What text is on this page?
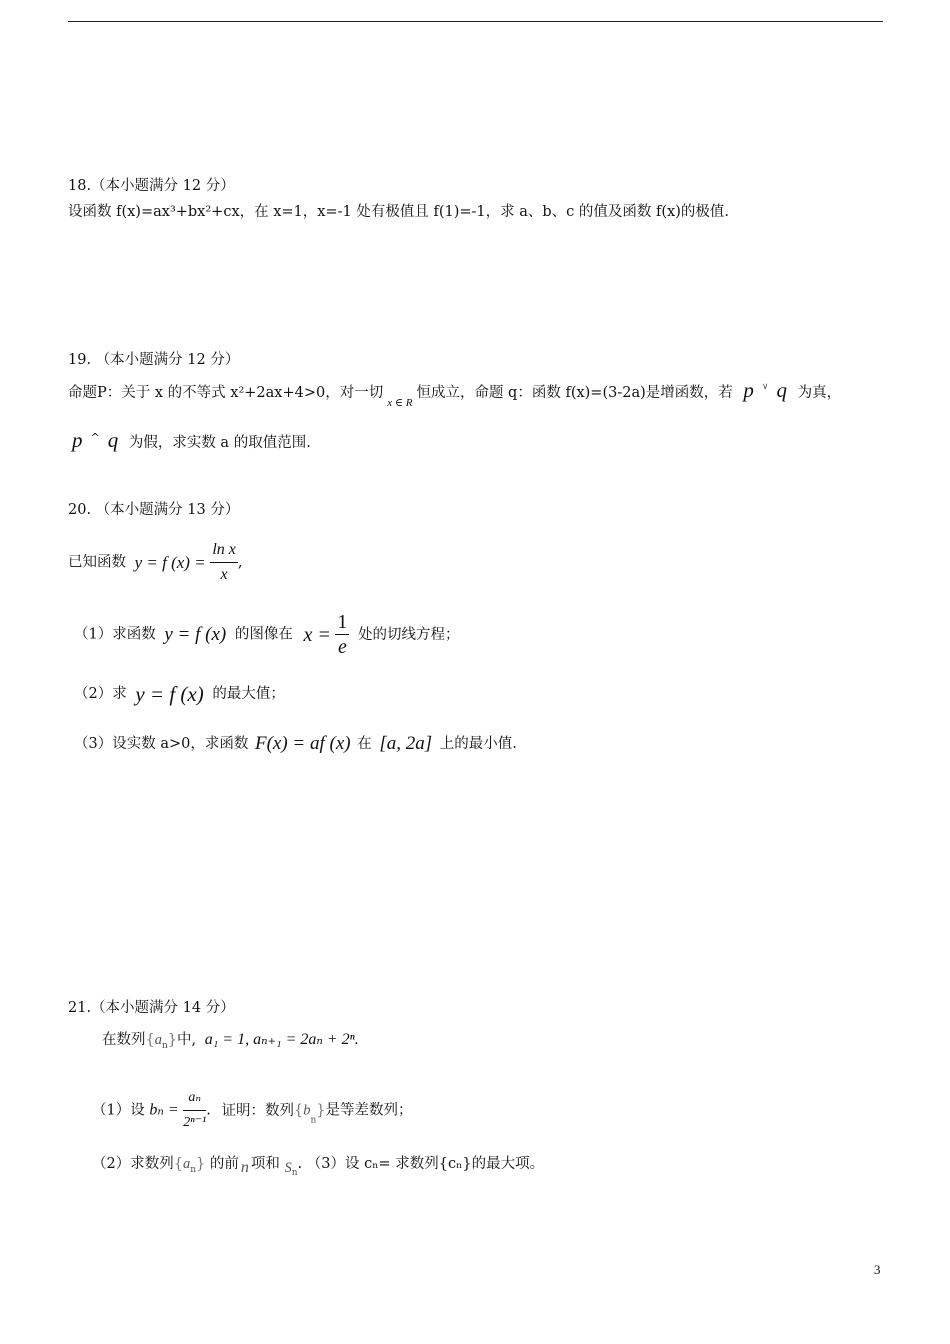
18.（本小题满分 12 分）
设函数 f(x)=ax³+bx²+cx，在 x=1，x=-1 处有极值且 f(1)=-1，求 a、b、c 的值及函数 f(x)的极值.
19. （本小题满分 12 分）
命题P：关于 x 的不等式 x²+2ax+4>0，对一切$_{x \in R}$恒成立，命题 q：函数 f(x)=(3-2a)是增函数，若 p ∨ q 为真，
p ^ q 为假，求实数 a 的取值范围.
20. （本小题满分 13 分）
已知函数 y = f $(x) = \frac{\text{ln x}}{x}$ ,
（1）求函数 y = f (x) 的图像在 $x = \frac{1}{e}$ 处的切线方程；
（2）求 y = f (x) 的最大值；
（3）设实数 a>0，求函数 F(x) = af (x) 在 [a, 2a] 上的最小值.
21.（本小题满分 14 分）
在数列$\{a_n\}$中, a₁ = 1, aₙ₊₁ = 2aₙ + 2ⁿ.
（1）设 $b_n = \frac{\text{aₙ}}{\text{2ⁿ⁻¹}}$ . 证明：数列$\{b_n\}$是等差数列；
（2）求数列$\{a_n\}$ 的前 n 项和 $S_n$. （3）设 cₙ= 求数列{cₙ}的最大项。
3
